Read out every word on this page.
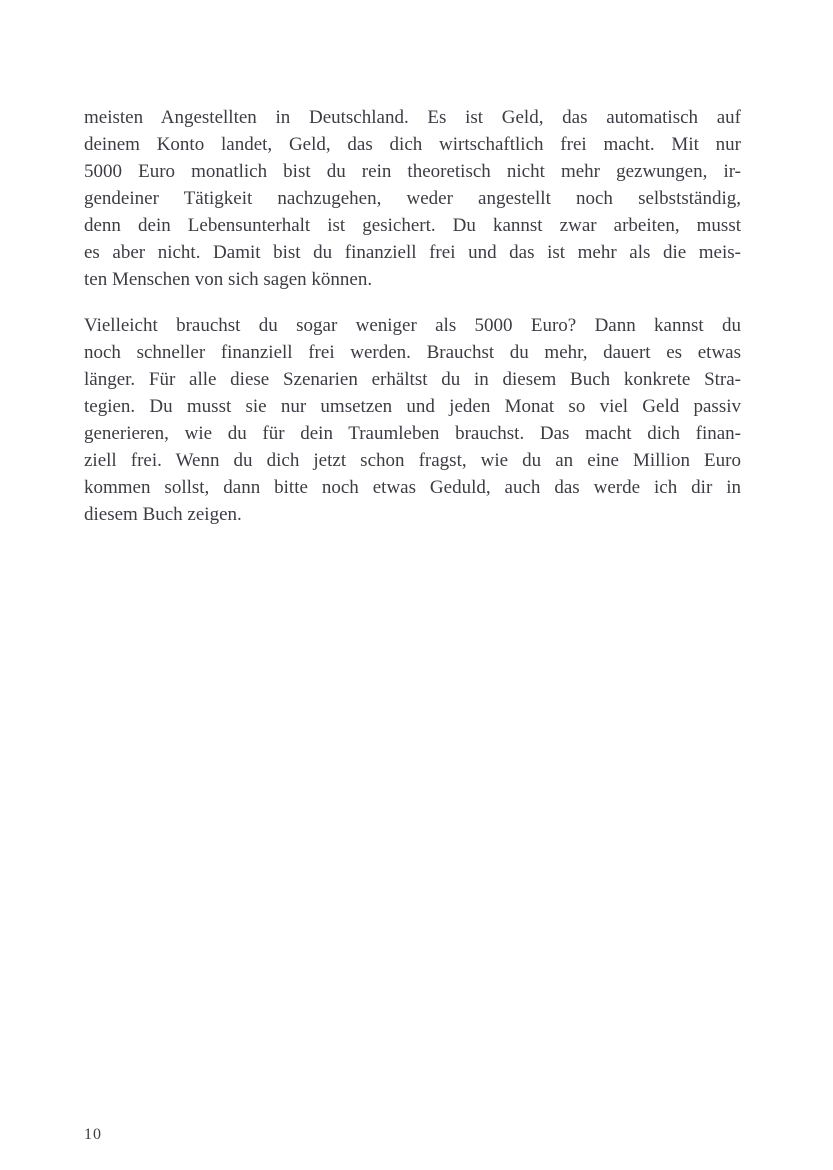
meisten Angestellten in Deutschland. Es ist Geld, das automatisch auf
deinem Konto landet, Geld, das dich wirtschaftlich frei macht. Mit nur
5000 Euro monatlich bist du rein theoretisch nicht mehr gezwungen, ir-
gendeiner Tätigkeit nachzugehen, weder angestellt noch selbstständig,
denn dein Lebensunterhalt ist gesichert. Du kannst zwar arbeiten, musst
es aber nicht. Damit bist du finanziell frei und das ist mehr als die meis-
ten Menschen von sich sagen können.
Vielleicht brauchst du sogar weniger als 5000 Euro? Dann kannst du
noch schneller finanziell frei werden. Brauchst du mehr, dauert es etwas
länger. Für alle diese Szenarien erhältst du in diesem Buch konkrete Stra-
tegien. Du musst sie nur umsetzen und jeden Monat so viel Geld passiv
generieren, wie du für dein Traumleben brauchst. Das macht dich finan-
ziell frei. Wenn du dich jetzt schon fragst, wie du an eine Million Euro
kommen sollst, dann bitte noch etwas Geduld, auch das werde ich dir in
diesem Buch zeigen.
10
